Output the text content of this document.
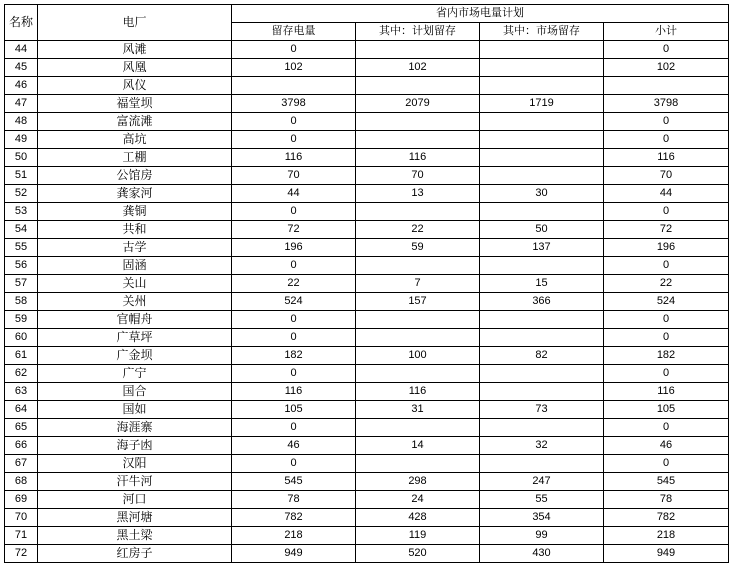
名称	电厂	省内市场电量计划			
		留存电量	其中：计划留存	其中：市场留存	小计
44	风滩	0			0
45	风凰	102	102		102
46	风仪				
47	福堂坝	3798	2079	1719	3798
48	富流滩	0			0
49	高坑	0			0
50	工棚	116	116		116
51	公馆房	70	70		70
52	龚家河	44	13	30	44
53	龚铜	0			0
54	共和	72	22	50	72
55	古学	196	59	137	196
56	固涵	0			0
57	关山	22	7	15	22
58	关州	524	157	366	524
59	官帽舟	0			0
60	广草坪	0			0
61	广金坝	182	100	82	182
62	广宁	0			0
63	国合	116	116		116
64	国如	105	31	73	105
65	海涯寨	0			0
66	海子凼	46	14	32	46
67	汉阳	0			0
68	汗牛河	545	298	247	545
69	河口	78	24	55	78
70	黑河塘	782	428	354	782
71	黑土梁	218	119	99	218
72	红房子	949	520	430	949
